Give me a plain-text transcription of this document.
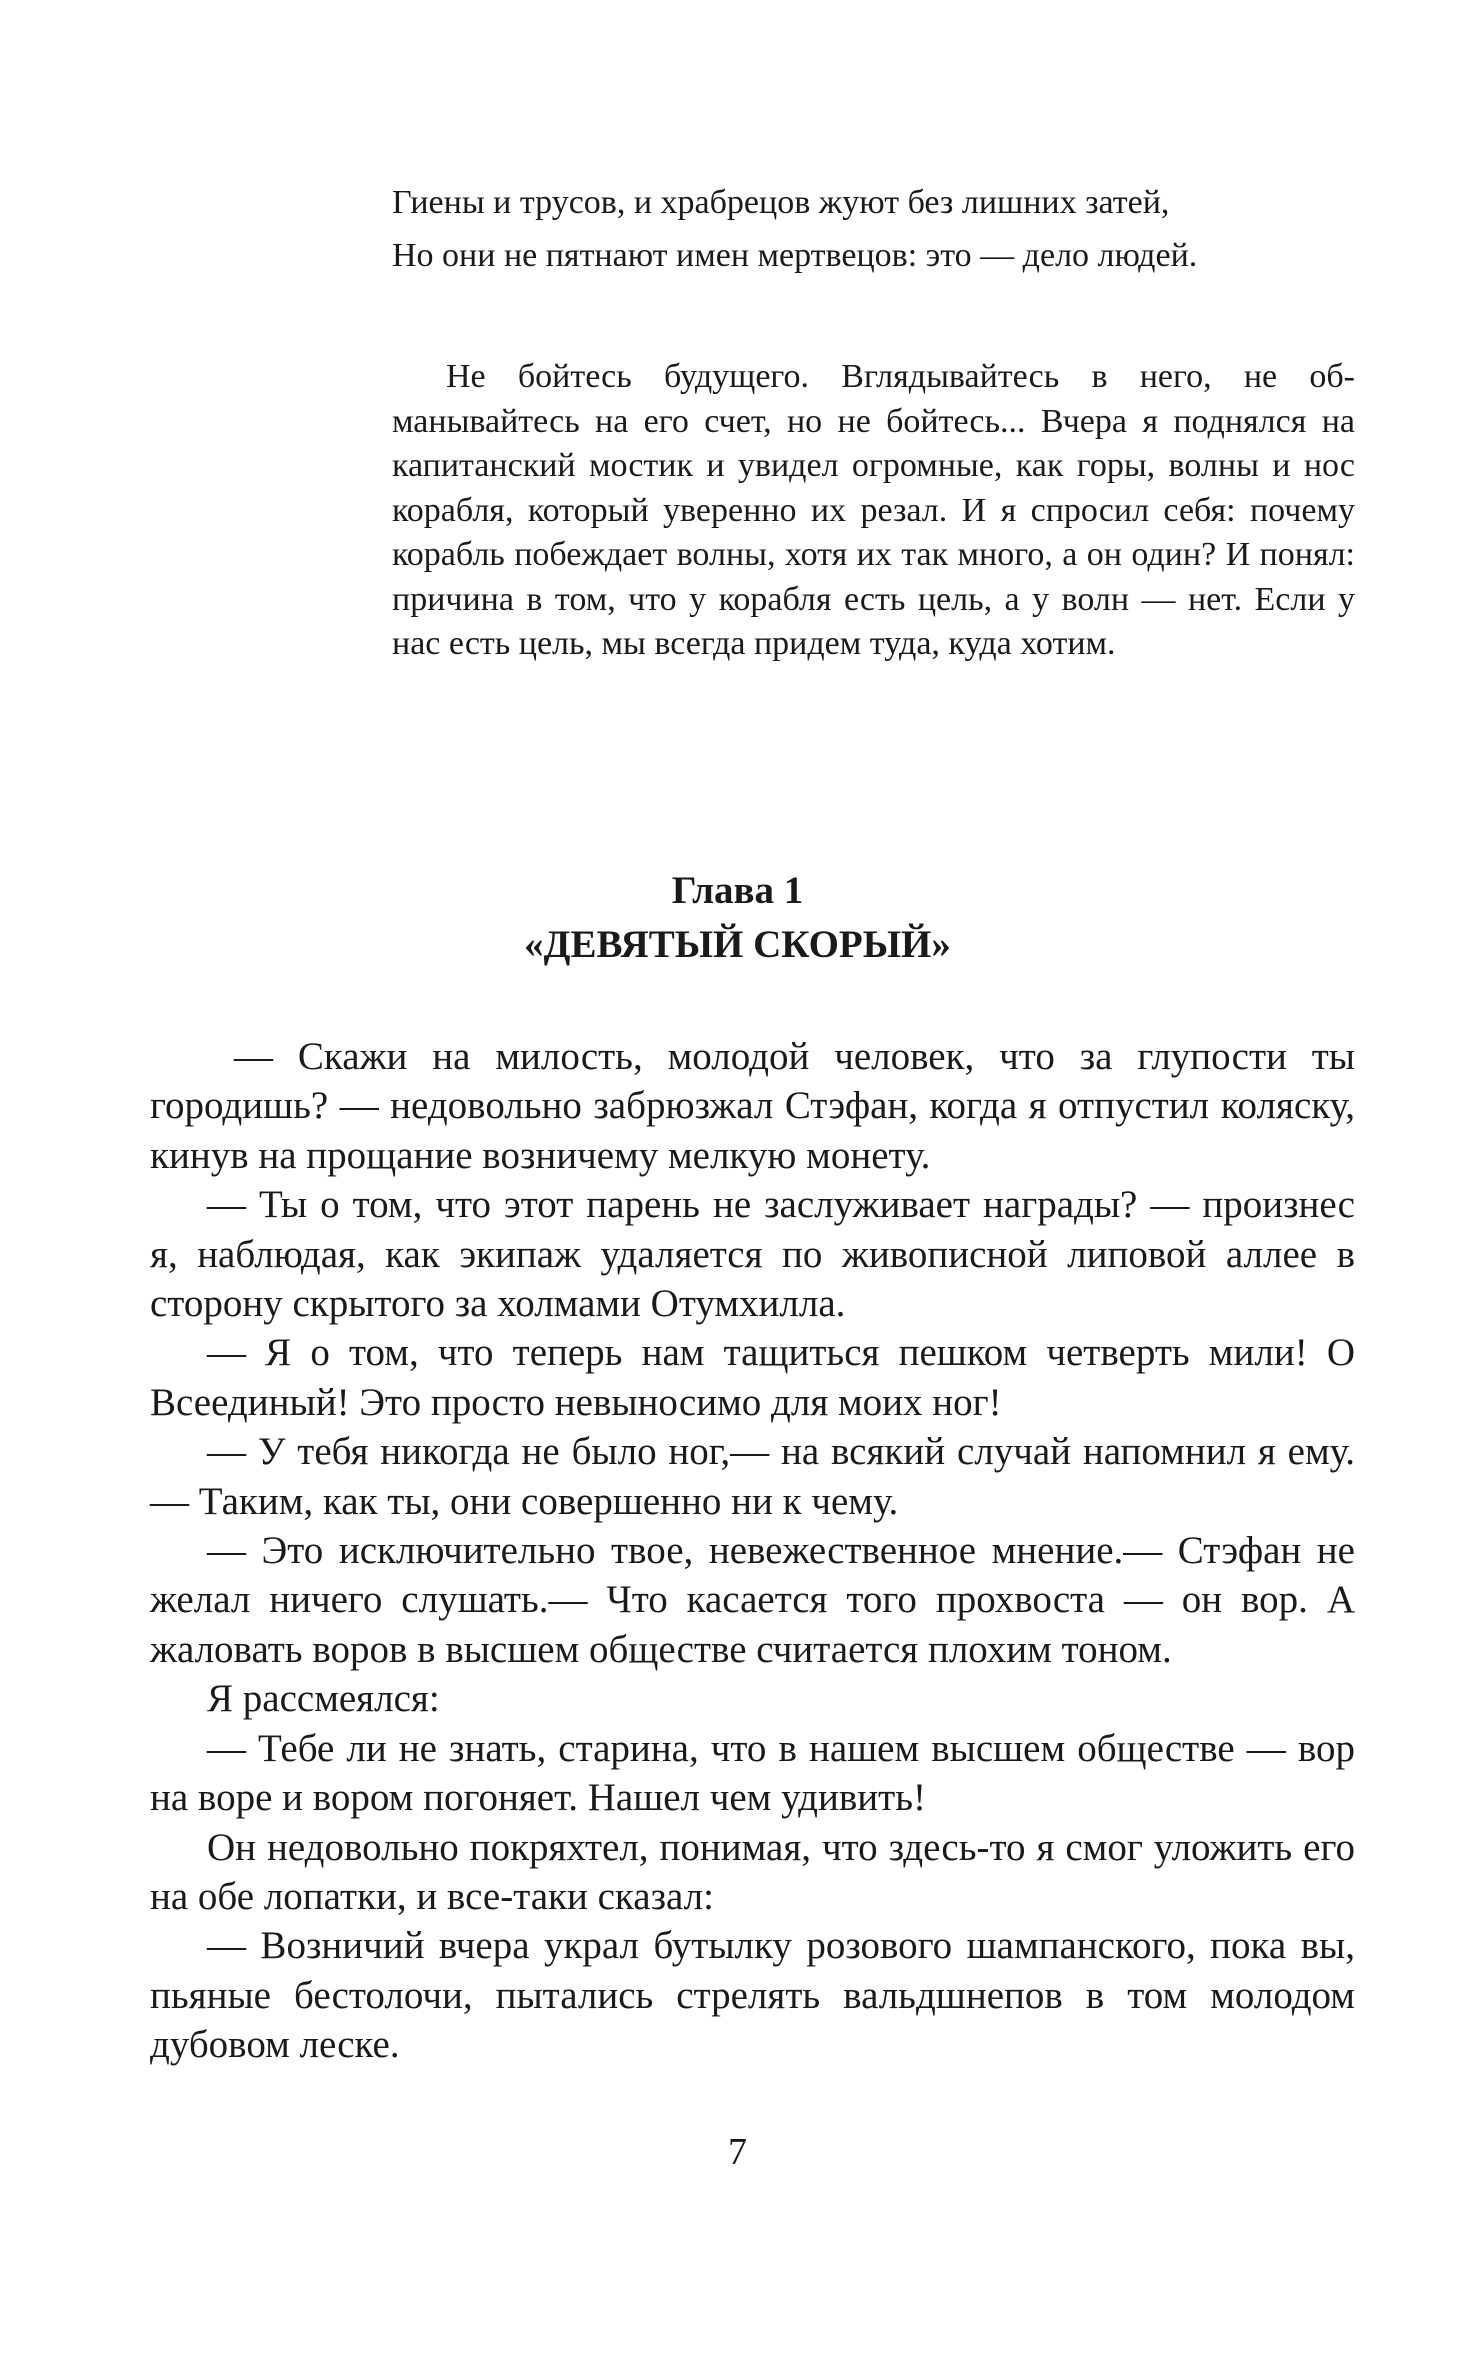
Гиены и трусов, и храбрецов жуют без лишних затей,
Но они не пятнают имен мертвецов: это — дело людей.
Не бойтесь будущего. Вглядывайтесь в него, не обманывайтесь на его счет, но не бойтесь... Вчера я поднялся на капитанский мостик и увидел огромные, как горы, волны и нос корабля, который уверенно их резал. И я спросил себя: почему корабль побеждает волны, хотя их так много, а он один? И понял: причина в том, что у корабля есть цель, а у волн — нет. Если у нас есть цель, мы всегда придем туда, куда хотим.
Глава 1
«ДЕВЯТЫЙ СКОРЫЙ»

— Скажи на милость, молодой человек, что за глупости ты городишь? — недовольно забрюзжал Стэфан, когда я отпустил коляску, кинув на прощание возничему мелкую монету.

— Ты о том, что этот парень не заслуживает награды? — произнес я, наблюдая, как экипаж удаляется по живописной липовой аллее в сторону скрытого за холмами Отумхилла.

— Я о том, что теперь нам тащиться пешком четверть мили! О Всеединый! Это просто невыносимо для моих ног!

— У тебя никогда не было ног,— на всякий случай напомнил я ему.— Таким, как ты, они совершенно ни к чему.

— Это исключительно твое, невежественное мнение.— Стэфан не желал ничего слушать.— Что касается того прохвоста — он вор. А жаловать воров в высшем обществе считается плохим тоном.

Я рассмеялся:

— Тебе ли не знать, старина, что в нашем высшем обществе — вор на воре и вором погоняет. Нашел чем удивить!

Он недовольно покряхтел, понимая, что здесь-то я смог уложить его на обе лопатки, и все-таки сказал:

— Возничий вчера украл бутылку розового шампанского, пока вы, пьяные бестолочи, пытались стрелять вальдшнепов в том молодом дубовом леске.

7
